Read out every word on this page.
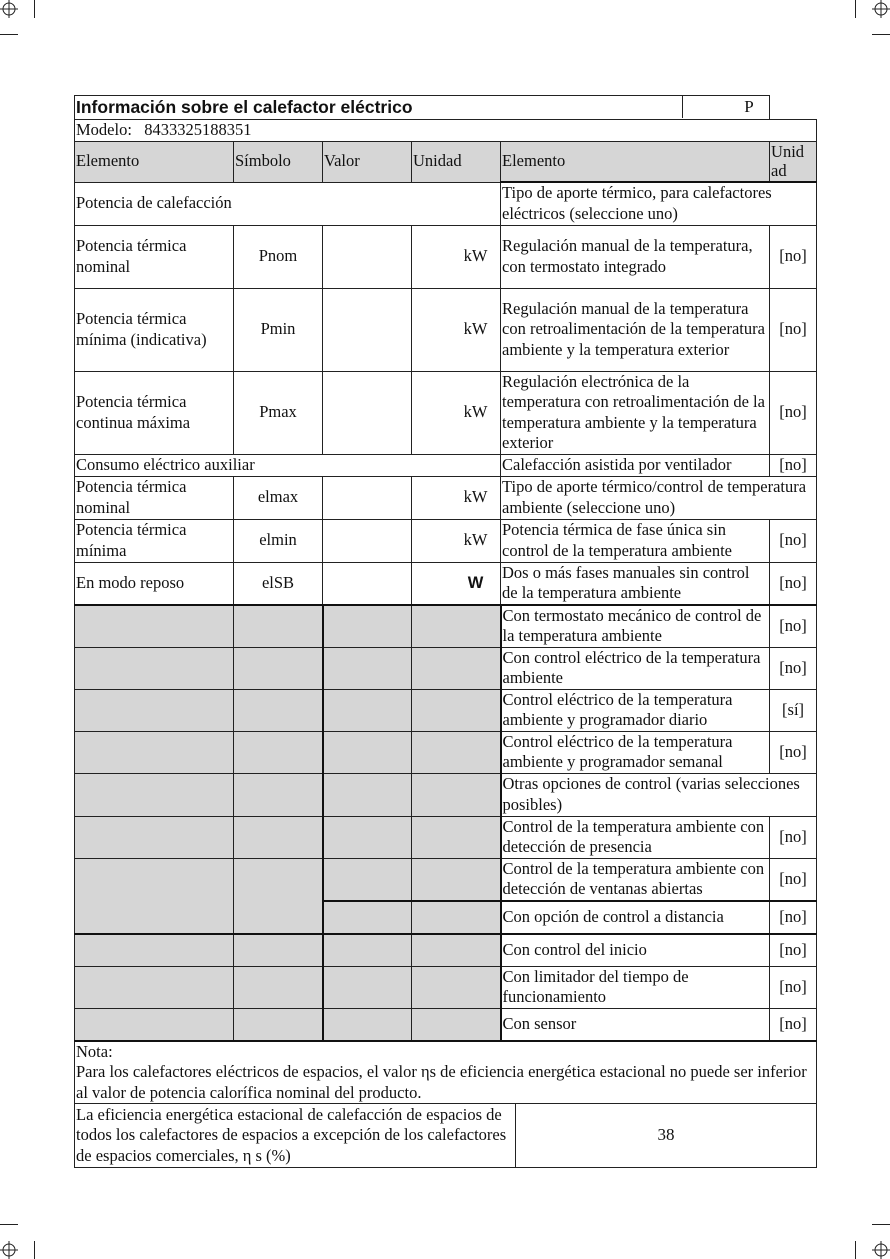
Información sobre el calefactor eléctrico					
Modelo: 8433325188351						
Elemento	Símbolo	Valor	Unidad	Elemento		Unid ad
Potencia de calefacción				Tipo de aporte térmico, para calefactores eléctricos (seleccione uno)		
Potencia térmica nominal	Pnom		kW	Regulación manual de la temperatura, con termostato integrado		[no]
Potencia térmica mínima (indicativa)	Pmin		kW	Regulación manual de la temperatura con retroalimentación de la temperatura ambiente y la temperatura exterior		[no]
Potencia térmica continua máxima	Pmax		kW	Regulación electrónica de la temperatura con retroalimentación de la temperatura ambiente y la temperatura exterior		[no]
Consumo eléctrico auxiliar				Calefacción asistida por ventilador		[no]
Potencia térmica nominal	elmax		kW	Tipo de aporte térmico/control de temperatura ambiente (seleccione uno)		
Potencia térmica mínima	elmin		kW	Potencia térmica de fase única sin control de la temperatura ambiente		[no]
En modo reposo	elSB		W	Dos o más fases manuales sin control de la temperatura ambiente		[no]
				Con termostato mecánico de control de la temperatura ambiente		[no]
				Con control eléctrico de la temperatura ambiente		[no]
				Control eléctrico de la temperatura ambiente y programador diario		[sí]
				Control eléctrico de la temperatura ambiente y programador semanal		[no]
				Otras opciones de control (varias selecciones posibles)		
				Control de la temperatura ambiente con detección de presencia		[no]
				Control de la temperatura ambiente con detección de ventanas abiertas		[no]
				Con opción de control a distancia		[no]
				Con control del inicio		[no]
				Con limitador del tiempo de funcionamiento		[no]
				Con sensor		[no]

Nota:
Para los calefactores eléctricos de espacios, el valor ηs de eficiencia energética estacional no puede ser inferior al valor de potencia calorífica nominal del producto.						

La eficiencia energética estacional de calefacción de espacios de todos los calefactores de espacios a excepción de los calefactores de espacios comerciales, η s (%)					38	
P
